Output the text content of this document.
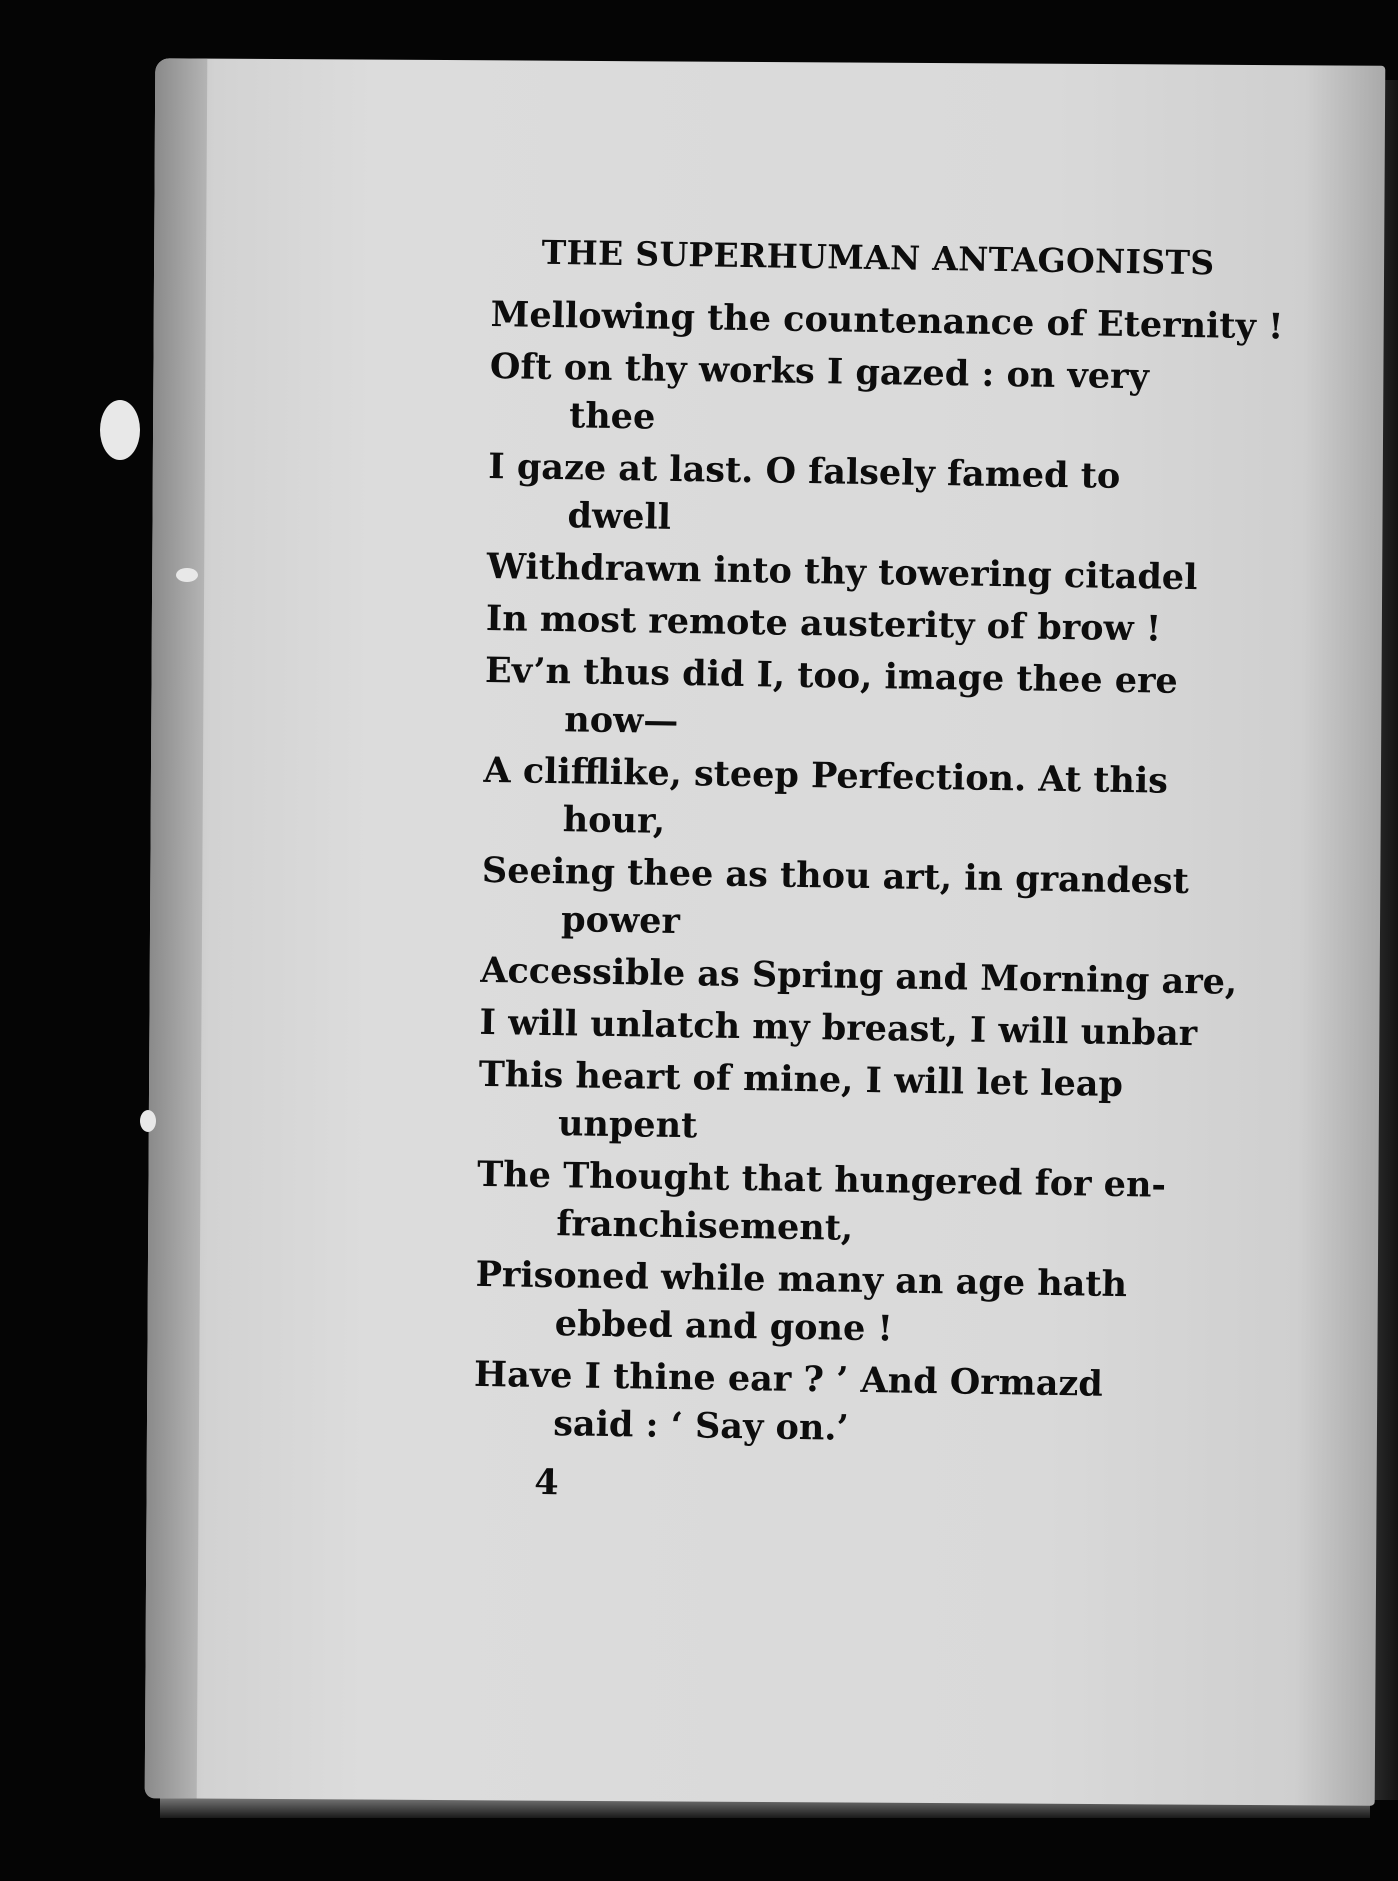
THE SUPERHUMAN ANTAGONISTS
Mellowing the countenance of Eternity !
Oft on thy works I gazed : on very
thee
I gaze at last. O falsely famed to
dwell
Withdrawn into thy towering citadel
In most remote austerity of brow !
Ev’n thus did I, too, image thee ere
now—
A clifflike, steep Perfection. At this
hour,
Seeing thee as thou art, in grandest
power
Accessible as Spring and Morning are,
I will unlatch my breast, I will unbar
This heart of mine, I will let leap
unpent
The Thought that hungered for en-
franchisement,
Prisoned while many an age hath
ebbed and gone !
Have I thine ear ? ’ And Ormazd
said : ‘ Say on.’
4
